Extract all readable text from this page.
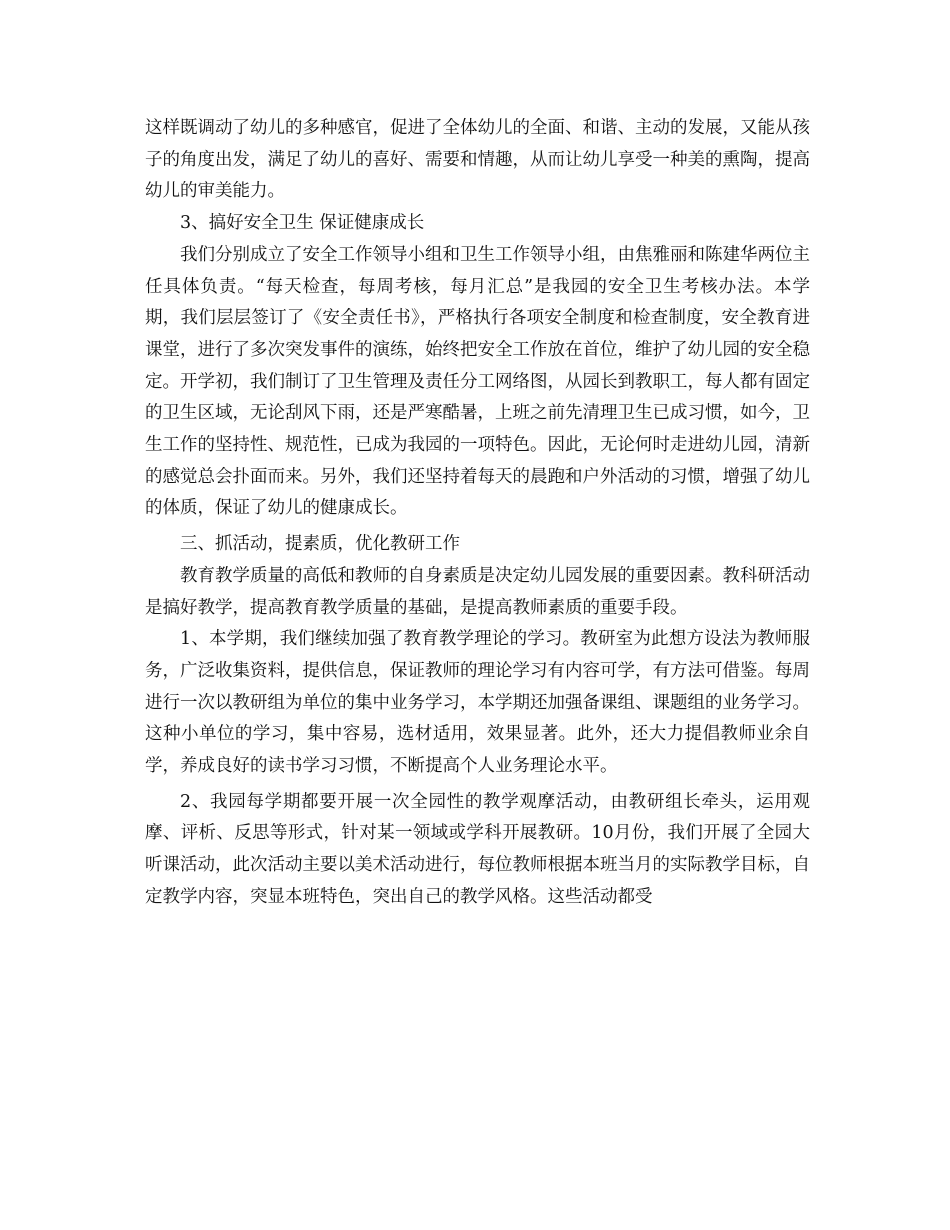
这样既调动了幼儿的多种感官，促进了全体幼儿的全面、和谐、主动的发展，又能从孩子的角度出发，满足了幼儿的喜好、需要和情趣，从而让幼儿享受一种美的熏陶，提高幼儿的审美能力。

3、搞好安全卫生 保证健康成长

我们分别成立了安全工作领导小组和卫生工作领导小组，由焦雅丽和陈建华两位主任具体负责。“每天检查，每周考核，每月汇总”是我园的安全卫生考核办法。本学期，我们层层签订了《安全责任书》，严格执行各项安全制度和检查制度，安全教育进课堂，进行了多次突发事件的演练，始终把安全工作放在首位，维护了幼儿园的安全稳定。开学初，我们制订了卫生管理及责任分工网络图，从园长到教职工，每人都有固定的卫生区域，无论刮风下雨，还是严寒酷暑，上班之前先清理卫生已成习惯，如今，卫生工作的坚持性、规范性，已成为我园的一项特色。因此，无论何时走进幼儿园，清新的感觉总会扑面而来。另外，我们还坚持着每天的晨跑和户外活动的习惯，增强了幼儿的体质，保证了幼儿的健康成长。

三、抓活动，提素质，优化教研工作

教育教学质量的高低和教师的自身素质是决定幼儿园发展的重要因素。教科研活动是搞好教学，提高教育教学质量的基础，是提高教师素质的重要手段。

1、本学期，我们继续加强了教育教学理论的学习。教研室为此想方设法为教师服务，广泛收集资料，提供信息，保证教师的理论学习有内容可学，有方法可借鉴。每周进行一次以教研组为单位的集中业务学习，本学期还加强备课组、课题组的业务学习。这种小单位的学习，集中容易，选材适用，效果显著。此外，还大力提倡教师业余自学，养成良好的读书学习习惯，不断提高个人业务理论水平。

2、我园每学期都要开展一次全园性的教学观摩活动，由教研组长牵头，运用观摩、评析、反思等形式，针对某一领域或学科开展教研。10月份，我们开展了全园大听课活动，此次活动主要以美术活动进行，每位教师根据本班当月的实际教学目标，自定教学内容，突显本班特色，突出自己的教学风格。这些活动都受
